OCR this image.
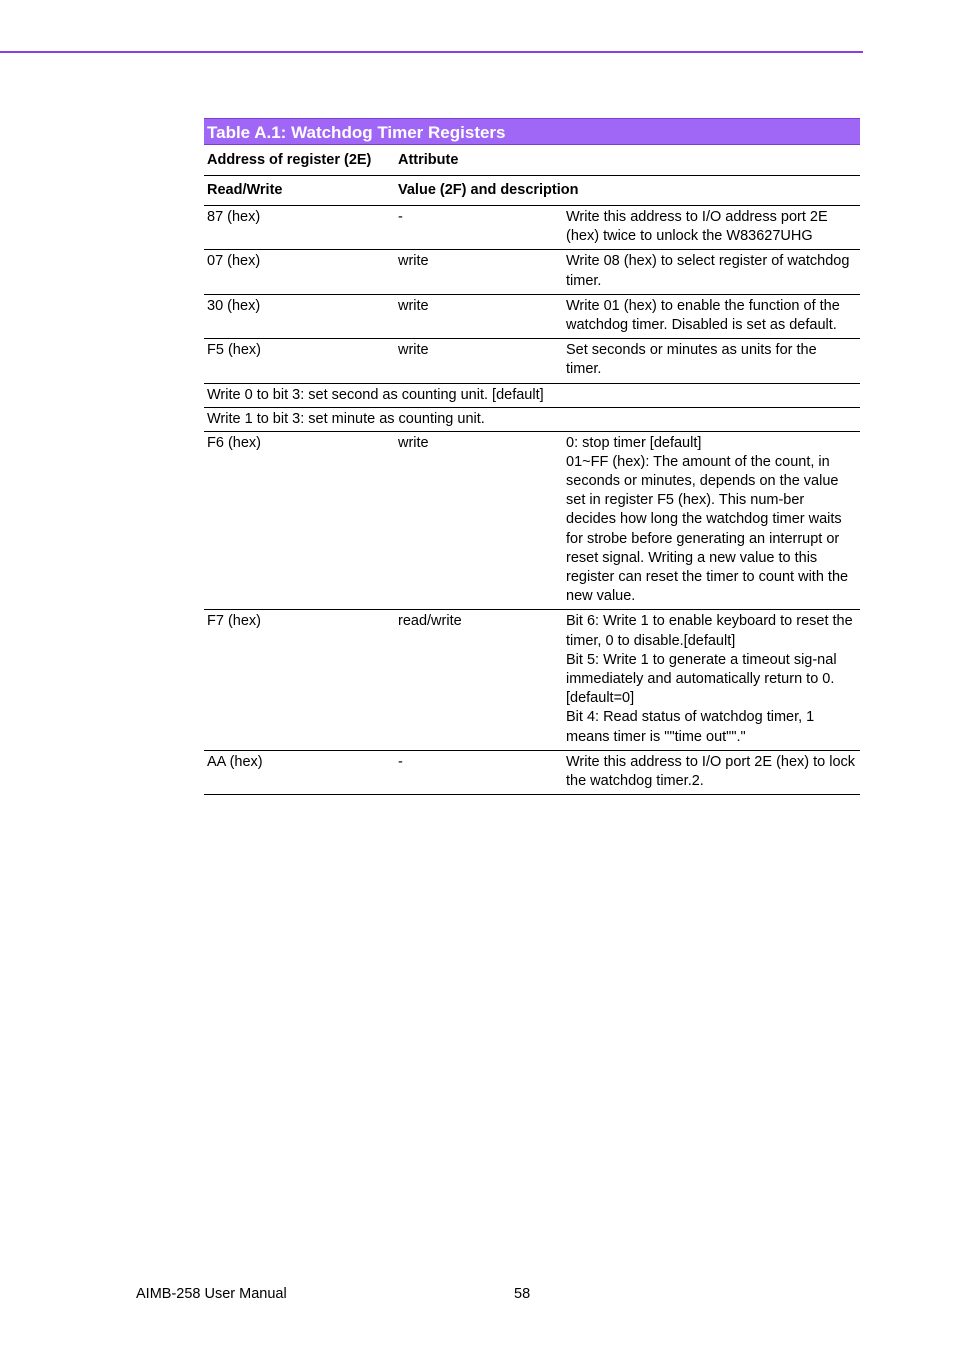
Table A.1: Watchdog Timer Registers
Address of register (2E)	Attribute
Read/Write	Value (2F) and description
87 (hex)	-	Write this address to I/O address port 2E (hex) twice to unlock the W83627UHG
07 (hex)	write	Write 08 (hex) to select register of watchdog timer.
30 (hex)	write	Write 01 (hex) to enable the function of the watchdog timer. Disabled is set as default.
F5 (hex)	write	Set seconds or minutes as units for the timer.
Write 0 to bit 3: set second as counting unit. [default]
Write 1 to bit 3: set minute as counting unit.
F6 (hex)	write	0: stop timer [default]
01~FF (hex): The amount of the count, in seconds or minutes, depends on the value set in register F5 (hex). This num-ber decides how long the watchdog timer waits for strobe before generating an interrupt or reset signal. Writing a new value to this register can reset the timer to count with the new value.
F7 (hex)	read/write	Bit 6: Write 1 to enable keyboard to reset the timer, 0 to disable.[default]
Bit 5: Write 1 to generate a timeout sig-nal immediately and automatically return to 0. [default=0]
Bit 4: Read status of watchdog timer, 1 means timer is ""time out""."
AA (hex)	-	Write this address to I/O port 2E (hex) to lock the watchdog timer.2.
AIMB-258 User Manual	58
